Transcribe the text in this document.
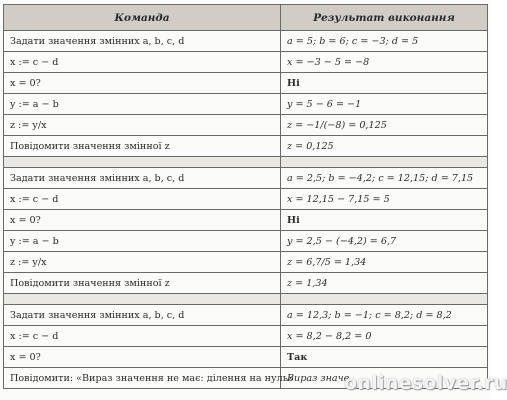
Команда	Результат виконання
Задати значення змінних a, b, c, d	a = 5; b = 6; c = −3; d = 5
x := c − d	x = −3 − 5 = −8
x = 0?	Ні
y := a − b	y = 5 − 6 = −1
z := y/x	z = −1/(−8) = 0,125
Повідомити значення змінної z	z = 0,125

Задати значення змінних a, b, c, d	a = 2,5; b = −4,2; c = 12,15; d = 7,15
x := c − d	x = 12,15 − 7,15 = 5
x = 0?	Ні
y := a − b	y = 2,5 − (−4,2) = 6,7
z := y/x	z = 6,7/5 = 1,34
Повідомити значення змінної z	z = 1,34

Задати значення змінних a, b, c, d	a = 12,3; b = −1; c = 8,2; d = 8,2
x := c − d	x = 8,2 − 8,2 = 0
x = 0?	Так
Повідомити: «Вираз значення не має: ділення на нуль»	Вираз значе
onlinesolver.ru
